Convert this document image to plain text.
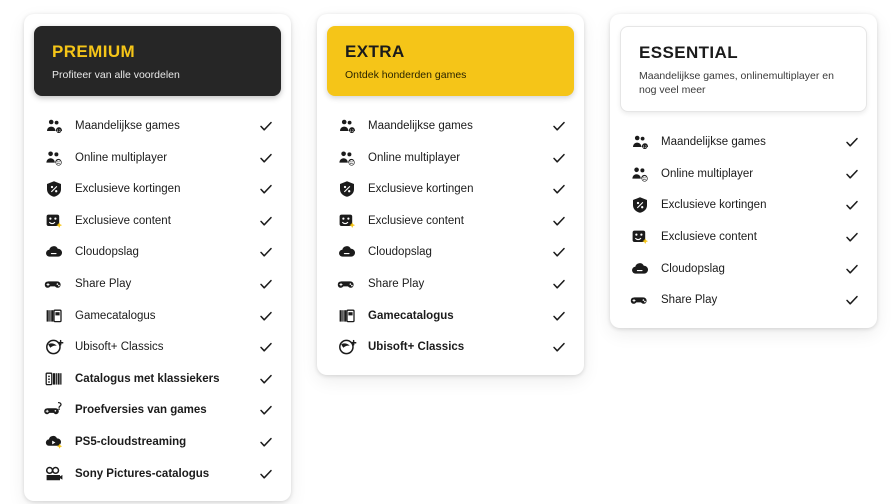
PREMIUM
Profiteer van alle voordelen
12 Maandelijkse games
Online multiplayer
Exclusieve kortingen
Exclusieve content
Cloudopslag
Share Play
Gamecatalogus
Ubisoft+ Classics
Catalogus met klassiekers
Proefversies van games
PS5-cloudstreaming
Sony Pictures-catalogus
EXTRA
Ontdek honderden games
12 Maandelijkse games
Online multiplayer
Exclusieve kortingen
Exclusieve content
Cloudopslag
Share Play
Gamecatalogus
Ubisoft+ Classics
ESSENTIAL
Maandelijkse games, onlinemultiplayer en nog veel meer
12 Maandelijkse games
Online multiplayer
Exclusieve kortingen
Exclusieve content
Cloudopslag
Share Play
